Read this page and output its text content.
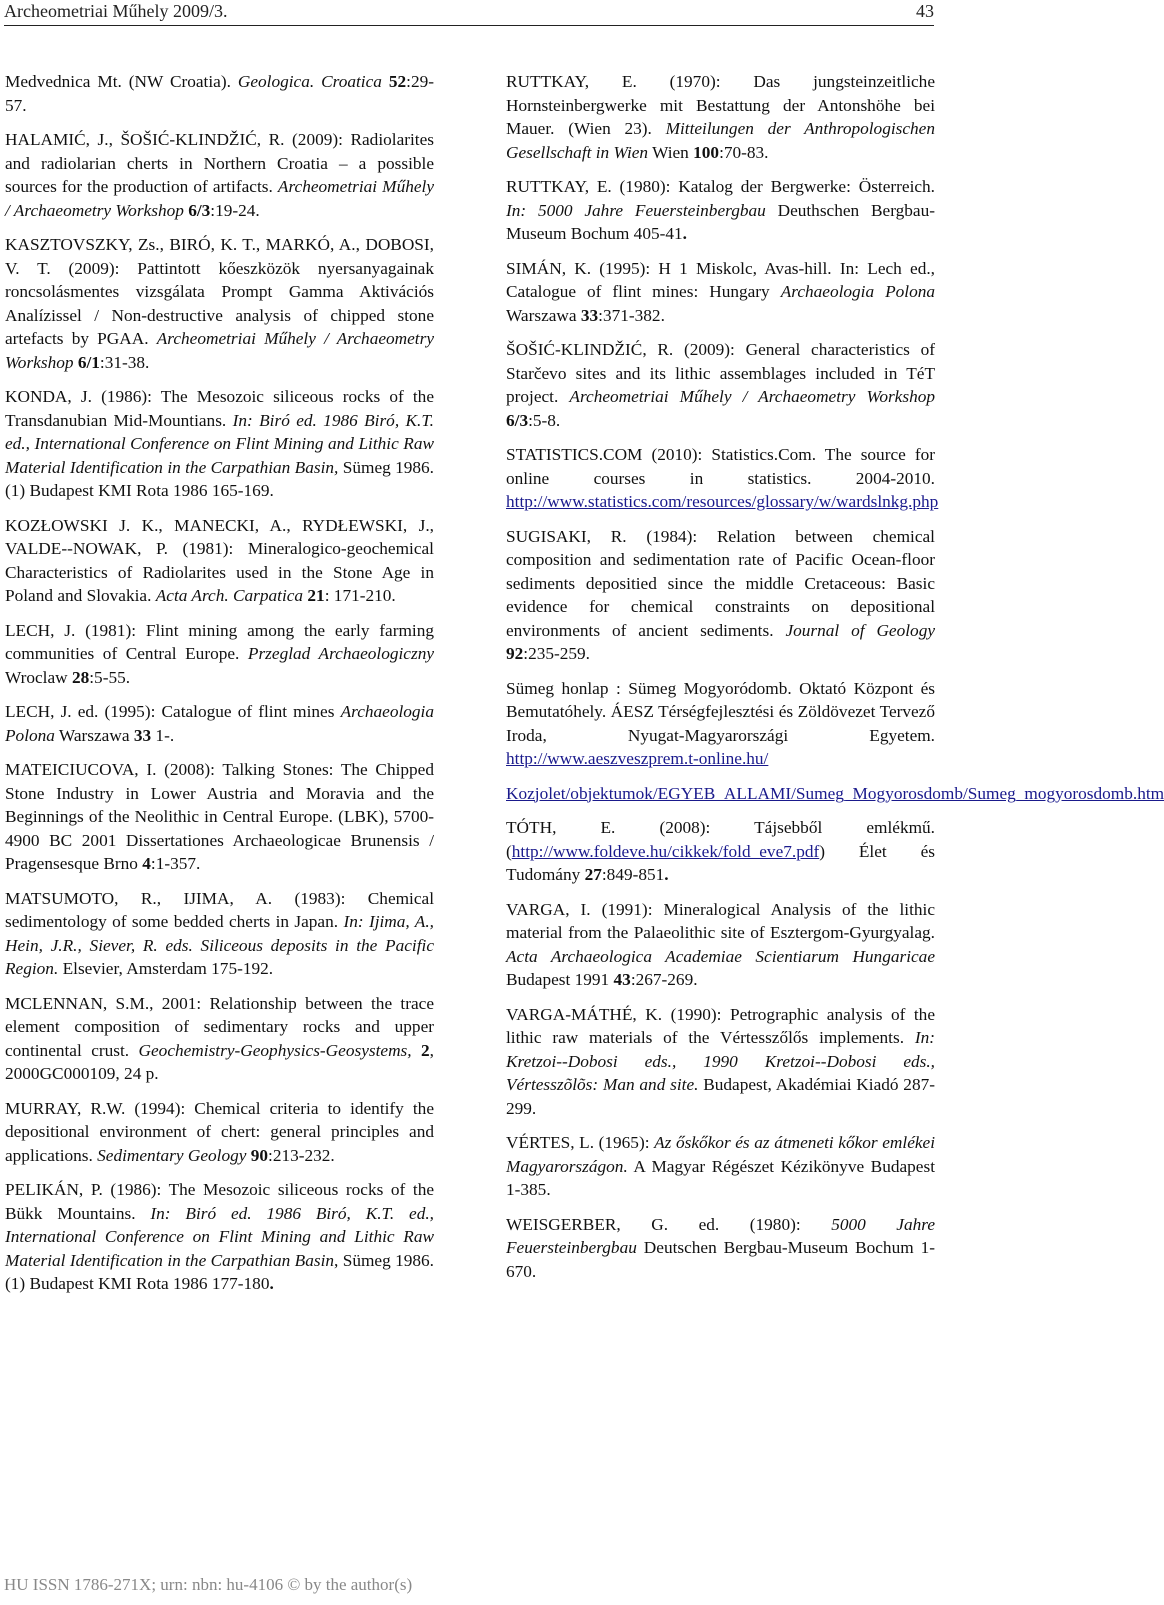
Archeometriai Műhely 2009/3.	43

Medvednica Mt. (NW Croatia). Geologica. Croatica 52:29-57.

HALAMIĆ, J., ŠOŠIĆ-KLINDŽIĆ, R. (2009): Radiolarites and radiolarian cherts in Northern Croatia – a possible sources for the production of artifacts. Archeometriai Műhely / Archaeometry Workshop 6/3:19-24.

KASZTOVSZKY, Zs., BIRÓ, K. T., MARKÓ, A., DOBOSI, V. T. (2009): Pattintott kőeszközök nyersanyagainak roncsolásmentes vizsgálata Prompt Gamma Aktivációs Analízissel / Non-destructive analysis of chipped stone artefacts by PGAA. Archeometriai Műhely / Archaeometry Workshop 6/1:31-38.

KONDA, J. (1986): The Mesozoic siliceous rocks of the Transdanubian Mid-Mountians. In: Biró ed. 1986 Biró, K.T. ed., International Conference on Flint Mining and Lithic Raw Material Identification in the Carpathian Basin, Sümeg 1986. (1) Budapest KMI Rota 1986 165-169.

KOZŁOWSKI J. K., MANECKI, A., RYDŁEWSKI, J., VALDE--NOWAK, P. (1981): Mineralogico-geochemical Characteristics of Radiolarites used in the Stone Age in Poland and Slovakia. Acta Arch. Carpatica 21: 171-210.

LECH, J. (1981): Flint mining among the early farming communities of Central Europe. Przeglad Archaeologiczny Wroclaw 28:5-55.

LECH, J. ed. (1995): Catalogue of flint mines Archaeologia Polona Warszawa 33 1-.

MATEICIUCOVA, I. (2008): Talking Stones: The Chipped Stone Industry in Lower Austria and Moravia and the Beginnings of the Neolithic in Central Europe. (LBK), 5700-4900 BC 2001 Dissertationes Archaeologicae Brunensis / Pragensesque Brno 4:1-357.

MATSUMOTO, R., IJIMA, A. (1983): Chemical sedimentology of some bedded cherts in Japan. In: Ijima, A., Hein, J.R., Siever, R. eds. Siliceous deposits in the Pacific Region. Elsevier, Amsterdam 175-192.

MCLENNAN, S.M., 2001: Relationship between the trace element composition of sedimentary rocks and upper continental crust. Geochemistry-Geophysics-Geosystems, 2, 2000GC000109, 24 p.

MURRAY, R.W. (1994): Chemical criteria to identify the depositional environment of chert: general principles and applications. Sedimentary Geology 90:213-232.

PELIKÁN, P. (1986): The Mesozoic siliceous rocks of the Bükk Mountains. In: Biró ed. 1986 Biró, K.T. ed., International Conference on Flint Mining and Lithic Raw Material Identification in the Carpathian Basin, Sümeg 1986. (1) Budapest KMI Rota 1986 177-180.

RUTTKAY, E. (1970): Das jungsteinzeitliche Hornsteinbergwerke mit Bestattung der Antonshöhe bei Mauer. (Wien 23). Mitteilungen der Anthropologischen Gesellschaft in Wien Wien 100:70-83.

RUTTKAY, E. (1980): Katalog der Bergwerke: Österreich. In: 5000 Jahre Feuersteinbergbau Deuthschen Bergbau-Museum Bochum 405-41.

SIMÁN, K. (1995): H 1 Miskolc, Avas-hill. In: Lech ed., Catalogue of flint mines: Hungary Archaeologia Polona Warszawa 33:371-382.

ŠOŠIĆ-KLINDŽIĆ, R. (2009): General characteristics of Starčevo sites and its lithic assemblages included in TéT project. Archeometriai Műhely / Archaeometry Workshop 6/3:5-8.

STATISTICS.COM (2010): Statistics.Com. The source for online courses in statistics. 2004-2010. http://www.statistics.com/resources/glossary/w/wardslnkg.php

SUGISAKI, R. (1984): Relation between chemical composition and sedimentation rate of Pacific Ocean-floor sediments depositied since the middle Cretaceous: Basic evidence for chemical constraints on depositional environments of ancient sediments. Journal of Geology 92:235-259.

Sümeg honlap : Sümeg Mogyoródomb. Oktató Központ és Bemutatóhely. ÁESZ Térségfejlesztési és Zöldövezet Tervező Iroda, Nyugat-Magyarországi Egyetem. http://www.aeszveszprem.t-online.hu/

Kozjolet/objektumok/EGYEB_ALLAMI/Sumeg_Mogyorosdomb/Sumeg_mogyorosdomb.htm

TÓTH, E. (2008): Tájsebből emlékmű. (http://www.foldeve.hu/cikkek/fold_eve7.pdf) Élet és Tudomány 27:849-851.

VARGA, I. (1991): Mineralogical Analysis of the lithic material from the Palaeolithic site of Esztergom-Gyurgyalag. Acta Archaeologica Academiae Scientiarum Hungaricae Budapest 1991 43:267-269.

VARGA-MÁTHÉ, K. (1990): Petrographic analysis of the lithic raw materials of the Vértesszőlős implements. In: Kretzoi--Dobosi eds., 1990 Kretzoi--Dobosi eds., Vértesszõlõs: Man and site. Budapest, Akadémiai Kiadó 287-299.

VÉRTES, L. (1965): Az őskőkor és az átmeneti kőkor emlékei Magyarországon. A Magyar Régészet Kézikönyve Budapest 1-385.

WEISGERBER, G. ed. (1980): 5000 Jahre Feuersteinbergbau Deutschen Bergbau-Museum Bochum 1-670.

HU ISSN 1786-271X; urn: nbn: hu-4106 © by the author(s)
